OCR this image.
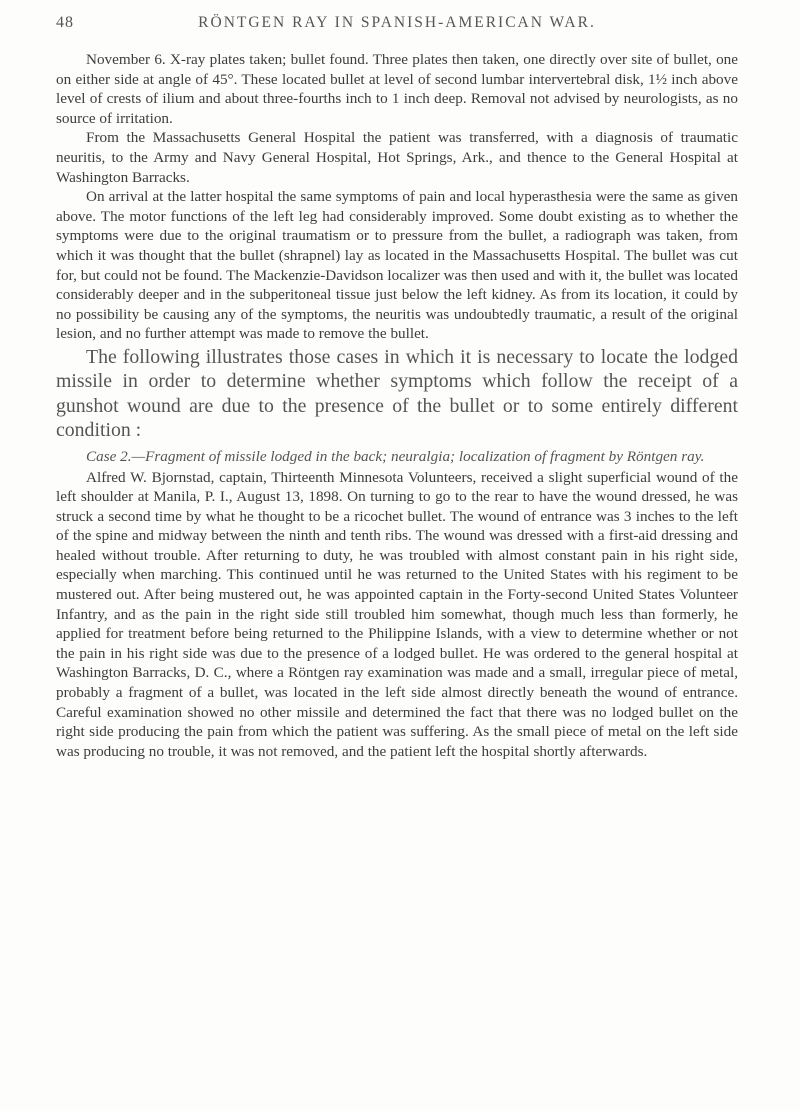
48	RÖNTGEN RAY IN SPANISH-AMERICAN WAR.

November 6. X-ray plates taken; bullet found. Three plates then taken, one directly over site of bullet, one on either side at angle of 45°. These located bullet at level of second lumbar intervertebral disk, 1½ inch above level of crests of ilium and about three-fourths inch to 1 inch deep. Removal not advised by neurologists, as no source of irritation.

From the Massachusetts General Hospital the patient was transferred, with a diagnosis of traumatic neuritis, to the Army and Navy General Hospital, Hot Springs, Ark., and thence to the General Hospital at Washington Barracks.

On arrival at the latter hospital the same symptoms of pain and local hyperasthesia were the same as given above. The motor functions of the left leg had considerably improved. Some doubt existing as to whether the symptoms were due to the original traumatism or to pressure from the bullet, a radiograph was taken, from which it was thought that the bullet (shrapnel) lay as located in the Massachusetts Hospital. The bullet was cut for, but could not be found. The Mackenzie-Davidson localizer was then used and with it, the bullet was located considerably deeper and in the subperitoneal tissue just below the left kidney. As from its location, it could by no possibility be causing any of the symptoms, the neuritis was undoubtedly traumatic, a result of the original lesion, and no further attempt was made to remove the bullet.

The following illustrates those cases in which it is necessary to locate the lodged missile in order to determine whether symptoms which follow the receipt of a gunshot wound are due to the presence of the bullet or to some entirely different condition :

Case 2.—Fragment of missile lodged in the back; neuralgia; localization of fragment by Röntgen ray.

Alfred W. Bjornstad, captain, Thirteenth Minnesota Volunteers, received a slight superficial wound of the left shoulder at Manila, P. I., August 13, 1898. On turning to go to the rear to have the wound dressed, he was struck a second time by what he thought to be a ricochet bullet. The wound of entrance was 3 inches to the left of the spine and midway between the ninth and tenth ribs. The wound was dressed with a first-aid dressing and healed without trouble. After returning to duty, he was troubled with almost constant pain in his right side, especially when marching. This continued until he was returned to the United States with his regiment to be mustered out. After being mustered out, he was appointed captain in the Forty-second United States Volunteer Infantry, and as the pain in the right side still troubled him somewhat, though much less than formerly, he applied for treatment before being returned to the Philippine Islands, with a view to determine whether or not the pain in his right side was due to the presence of a lodged bullet. He was ordered to the general hospital at Washington Barracks, D. C., where a Röntgen ray examination was made and a small, irregular piece of metal, probably a fragment of a bullet, was located in the left side almost directly beneath the wound of entrance. Careful examination showed no other missile and determined the fact that there was no lodged bullet on the right side producing the pain from which the patient was suffering. As the small piece of metal on the left side was producing no trouble, it was not removed, and the patient left the hospital shortly afterwards.
